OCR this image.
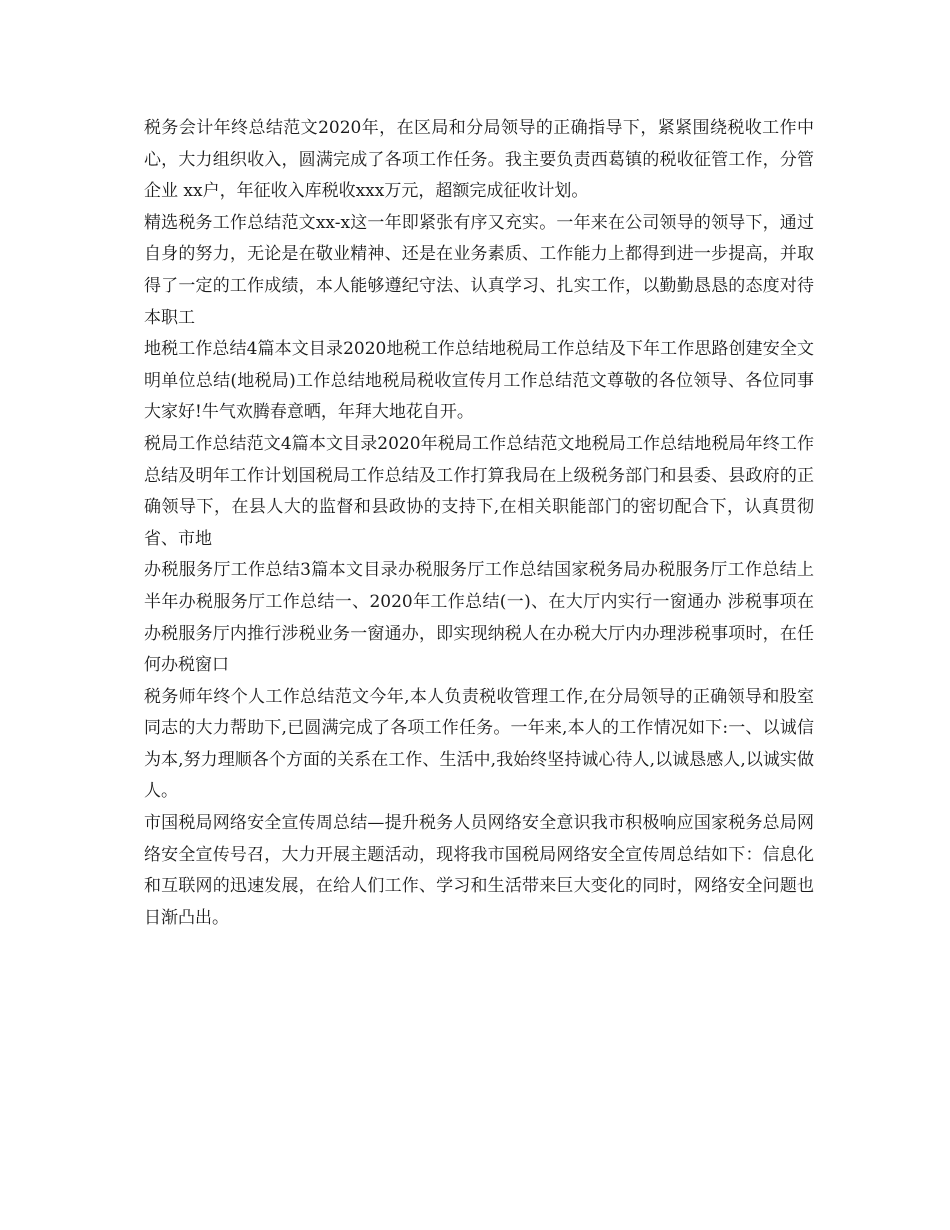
税务会计年终总结范文2020年，在区局和分局领导的正确指导下，紧紧围绕税收工作中心，大力组织收入，圆满完成了各项工作任务。我主要负责西葛镇的税收征管工作，分管企业 xx户，年征收入库税收xxx万元，超额完成征收计划。

精选税务工作总结范文xx-x这一年即紧张有序又充实。一年来在公司领导的领导下，通过自身的努力，无论是在敬业精神、还是在业务素质、工作能力上都得到进一步提高，并取得了一定的工作成绩，本人能够遵纪守法、认真学习、扎实工作，以勤勤恳恳的态度对待本职工

地税工作总结4篇本文目录2020地税工作总结地税局工作总结及下年工作思路创建安全文明单位总结(地税局)工作总结地税局税收宣传月工作总结范文尊敬的各位领导、各位同事大家好!牛气欢腾春意晒，年拜大地花自开。

税局工作总结范文4篇本文目录2020年税局工作总结范文地税局工作总结地税局年终工作总结及明年工作计划国税局工作总结及工作打算我局在上级税务部门和县委、县政府的正确领导下，在县人大的监督和县政协的支持下,在相关职能部门的密切配合下，认真贯彻省、市地

办税服务厅工作总结3篇本文目录办税服务厅工作总结国家税务局办税服务厅工作总结上半年办税服务厅工作总结一、2020年工作总结(一)、在大厅内实行一窗通办 涉税事项在办税服务厅内推行涉税业务一窗通办，即实现纳税人在办税大厅内办理涉税事项时，在任何办税窗口

税务师年终个人工作总结范文今年,本人负责税收管理工作,在分局领导的正确领导和股室同志的大力帮助下,已圆满完成了各项工作任务。一年来,本人的工作情况如下:一、以诚信为本,努力理顺各个方面的关系在工作、生活中,我始终坚持诚心待人,以诚恳感人,以诚实做人。

市国税局网络安全宣传周总结—提升税务人员网络安全意识我市积极响应国家税务总局网络安全宣传号召，大力开展主题活动，现将我市国税局网络安全宣传周总结如下：信息化和互联网的迅速发展，在给人们工作、学习和生活带来巨大变化的同时，网络安全问题也日渐凸出。
